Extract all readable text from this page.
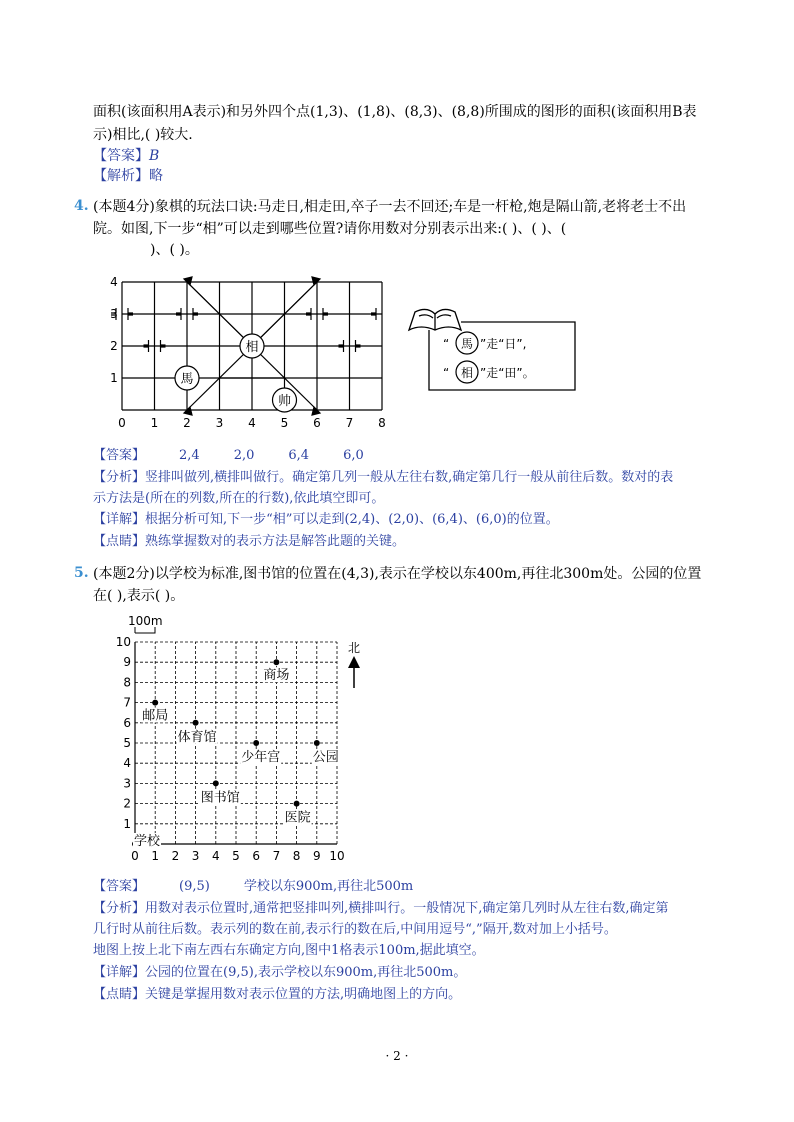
面积(该面积用A表示)和另外四个点(1,3)、(1,8)、(8,3)、(8,8)所围成的图形的面积(该面积用B表
示)相比,( )较大.
【答案】B
【解析】略
4. (本题4分)象棋的玩法口诀:马走日,相走田,卒子一去不回还;车是一杆枪,炮是隔山箭,老将老士不出
院。如图,下一步“相”可以走到哪些位置?请你用数对分别表示出来:( )、( )、(
)、( )。
相
馬
帅
0 1 2 3 4 5 6 7 8
1
2
3
4
“ 馬 ”走“日”,
“ 相 ”走“田”。
【答案】	2,4	2,0	6,4	6,0
【分析】竖排叫做列,横排叫做行。确定第几列一般从左往右数,确定第几行一般从前往后数。数对的表
示方法是(所在的列数,所在的行数),依此填空即可。
【详解】根据分析可知,下一步“相”可以走到(2,4)、(2,0)、(6,4)、(6,0)的位置。
【点睛】熟练掌握数对的表示方法是解答此题的关键。
5. (本题2分)以学校为标准,图书馆的位置在(4,3),表示在学校以东400m,再往北300m处。公园的位置
在( ),表示( )。
0 1 2 3 4 5 6 7 8 9 10
1
2
3
4
5
6
7
8
9
10
学校
邮局
体育馆
商场
少年宫	公园
图书馆
医院
100m
北
【答案】	(9,5)	学校以东900m,再往北500m
【分析】用数对表示位置时,通常把竖排叫列,横排叫行。一般情况下,确定第几列时从左往右数,确定第
几行时从前往后数。表示列的数在前,表示行的数在后,中间用逗号“,”隔开,数对加上小括号。
地图上按上北下南左西右东确定方向,图中1格表示100m,据此填空。
【详解】公园的位置在(9,5),表示学校以东900m,再往北500m。
【点睛】关键是掌握用数对表示位置的方法,明确地图上的方向。
· 2 ·
